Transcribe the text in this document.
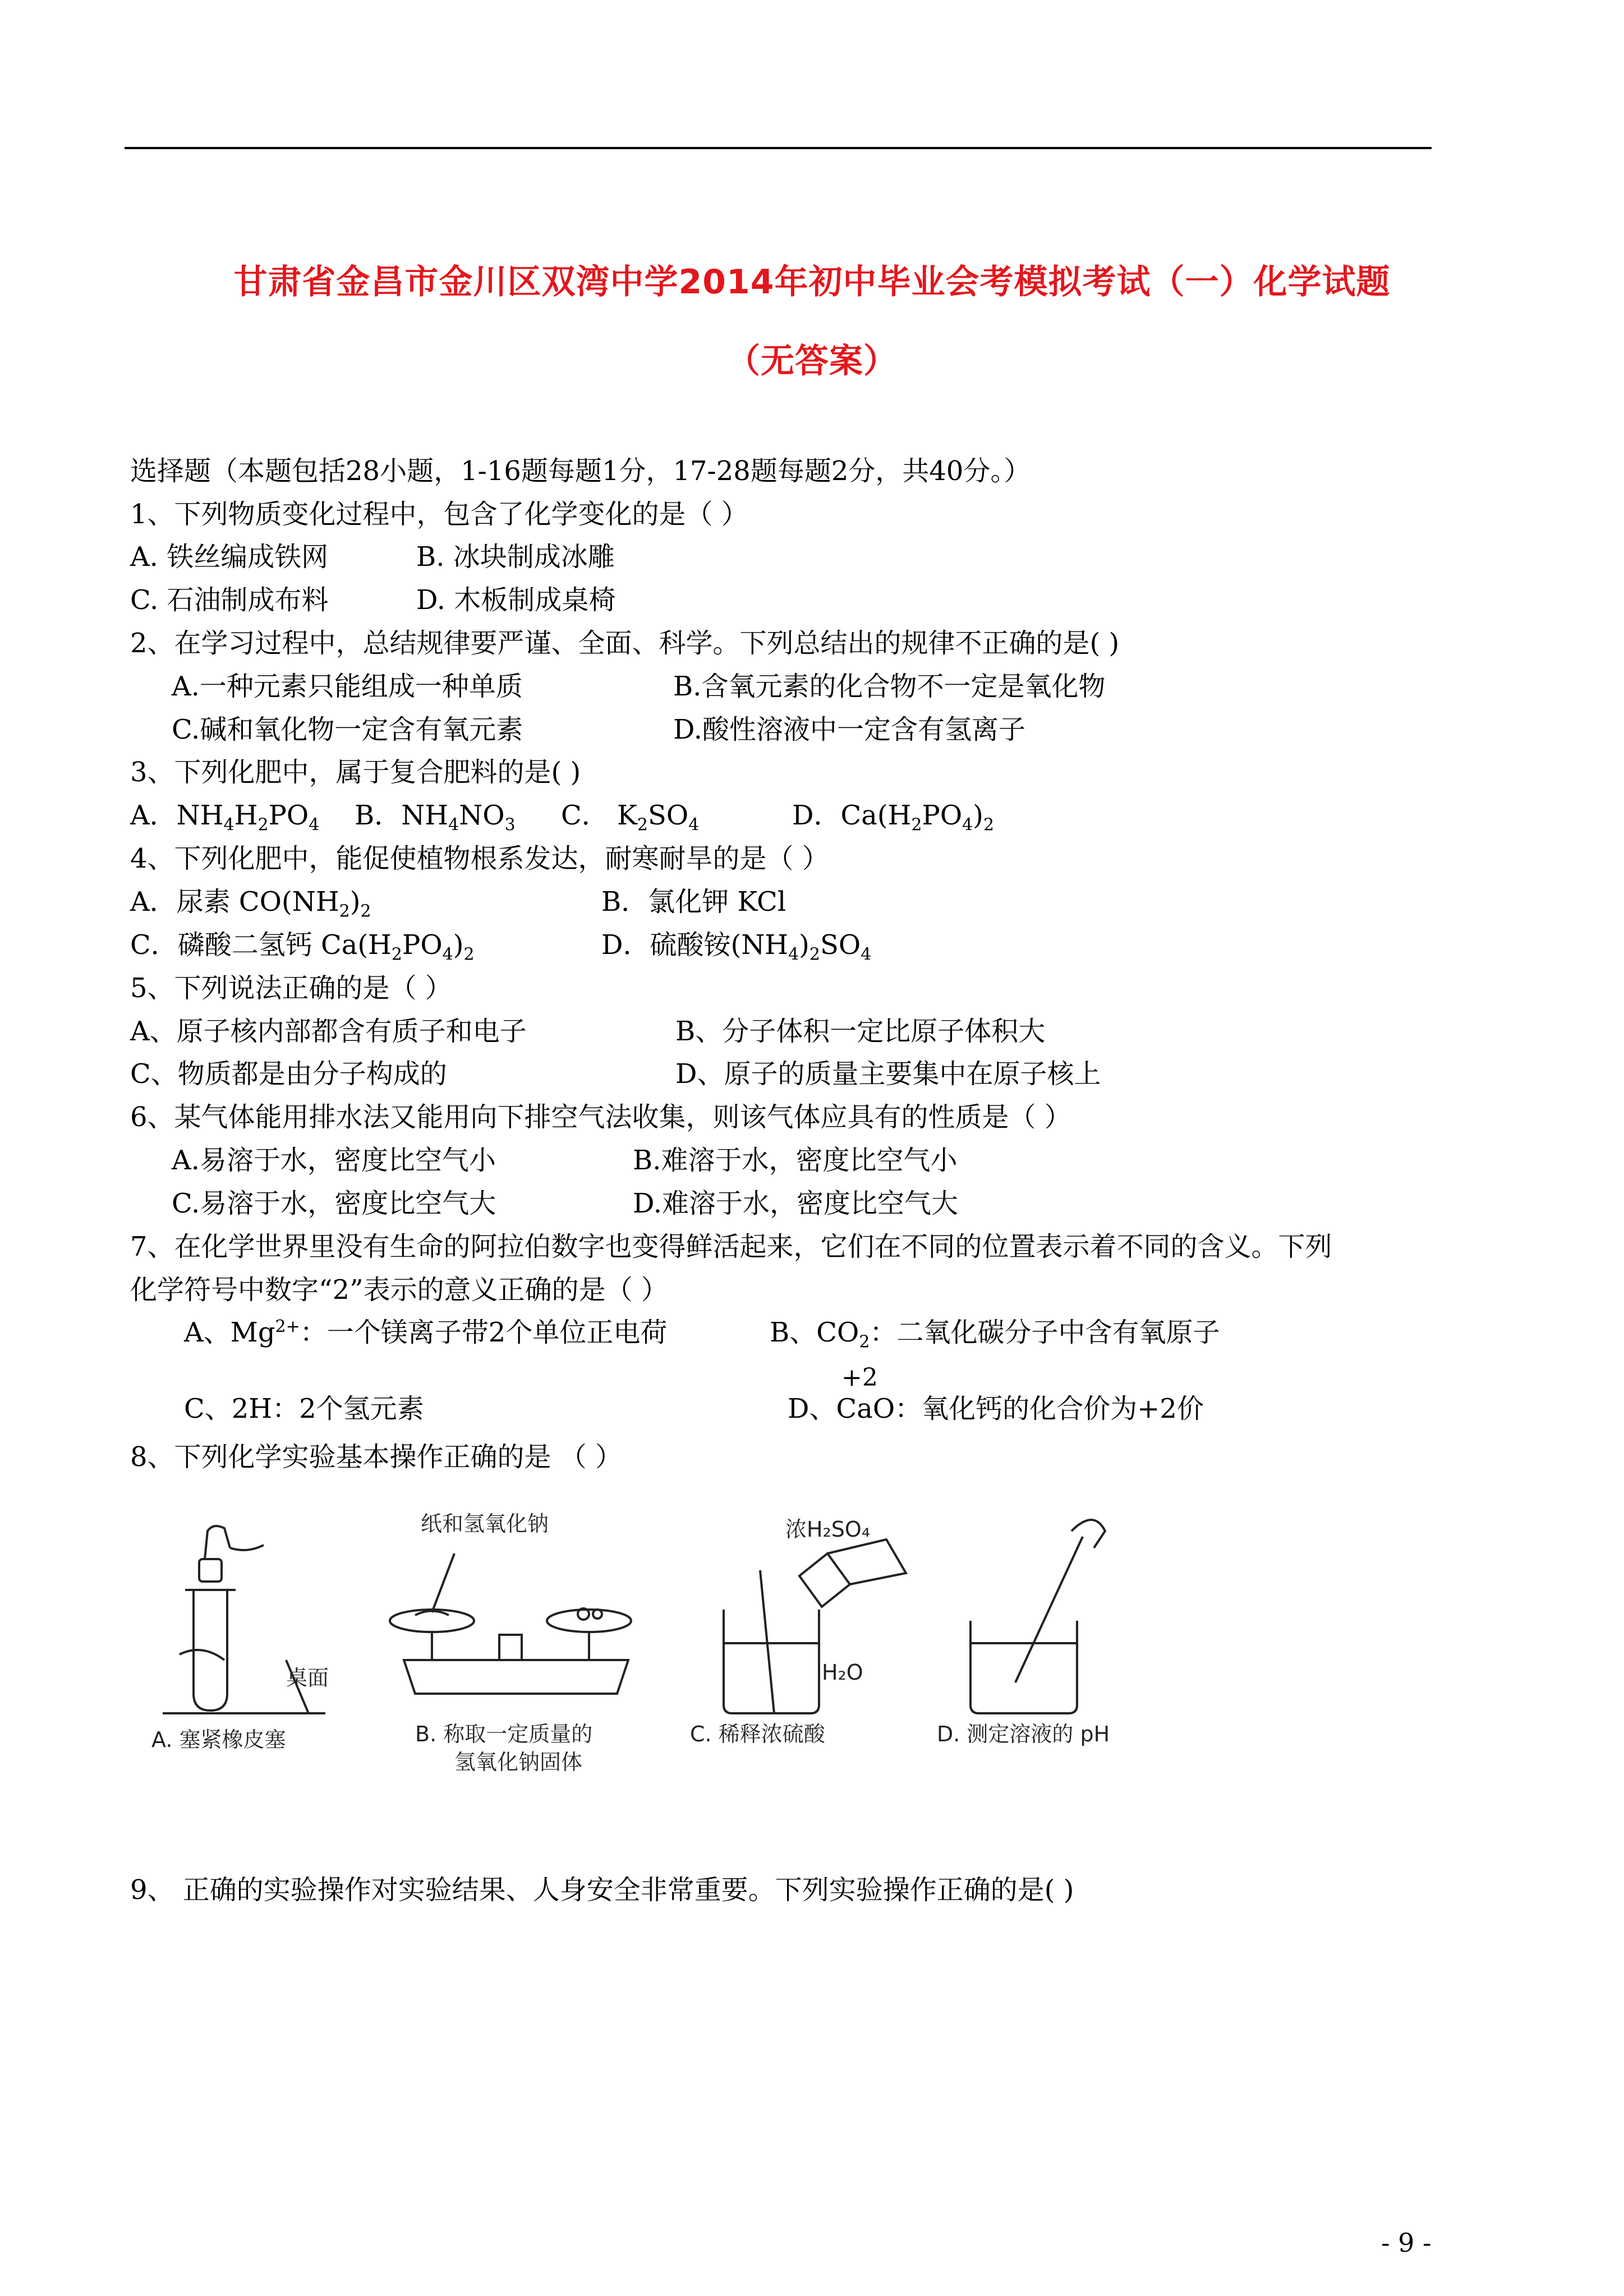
甘肃省金昌市金川区双湾中学2014年初中毕业会考模拟考试（一）化学试题
（无答案）
选择题（本题包括28小题，1-16题每题1分，17-28题每题2分，共40分。）
1、下列物质变化过程中，包含了化学变化的是（ ）
A. 铁丝编成铁网	B. 冰块制成冰雕
C. 石油制成布料	D. 木板制成桌椅
2、在学习过程中，总结规律要严谨、全面、科学。下列总结出的规律不正确的是( )
A.一种元素只能组成一种单质	B.含氧元素的化合物不一定是氧化物
C.碱和氧化物一定含有氧元素	D.酸性溶液中一定含有氢离子
3、下列化肥中，属于复合肥料的是( )
A．$NH_4H_2PO_4$ B．$NH_4NO_3$ C． $K_2SO_4$	D．$Ca(H_2PO_4)_2$
4、下列化肥中，能促使植物根系发达，耐寒耐旱的是（ ）
A．尿素 $CO(NH_2)_2$	B．氯化钾 KCl
C．磷酸二氢钙 $Ca(H_2PO_4)_2$	D．硫酸铵$(NH_4)_2SO_4$
5、下列说法正确的是（ ）
A、原子核内部都含有质子和电子	B、分子体积一定比原子体积大
C、物质都是由分子构成的	D、原子的质量主要集中在原子核上
6、某气体能用排水法又能用向下排空气法收集，则该气体应具有的性质是（ ）
A.易溶于水，密度比空气小	B.难溶于水，密度比空气小
C.易溶于水，密度比空气大	D.难溶于水，密度比空气大
7、在化学世界里没有生命的阿拉伯数字也变得鲜活起来，它们在不同的位置表示着不同的含义。下列
化学符号中数字“2”表示的意义正确的是（ ）
A、$Mg^{2+}$：一个镁离子带2个单位正电荷	B、$CO_2$：二氧化碳分子中含有氧原子
+2
C、2H：2个氢元素	D、CaO：氧化钙的化合价为+2价
8、下列化学实验基本操作正确的是 （ ）
纸和氢氧化钠	浓H₂SO₄
桌面	H₂O
A. 塞紧橡皮塞	B. 称取一定质量的
氢氧化钠固体
C. 稀释浓硫酸	D. 测定溶液的 pH
9、 正确的实验操作对实验结果、人身安全非常重要。下列实验操作正确的是( )
- 9 -
